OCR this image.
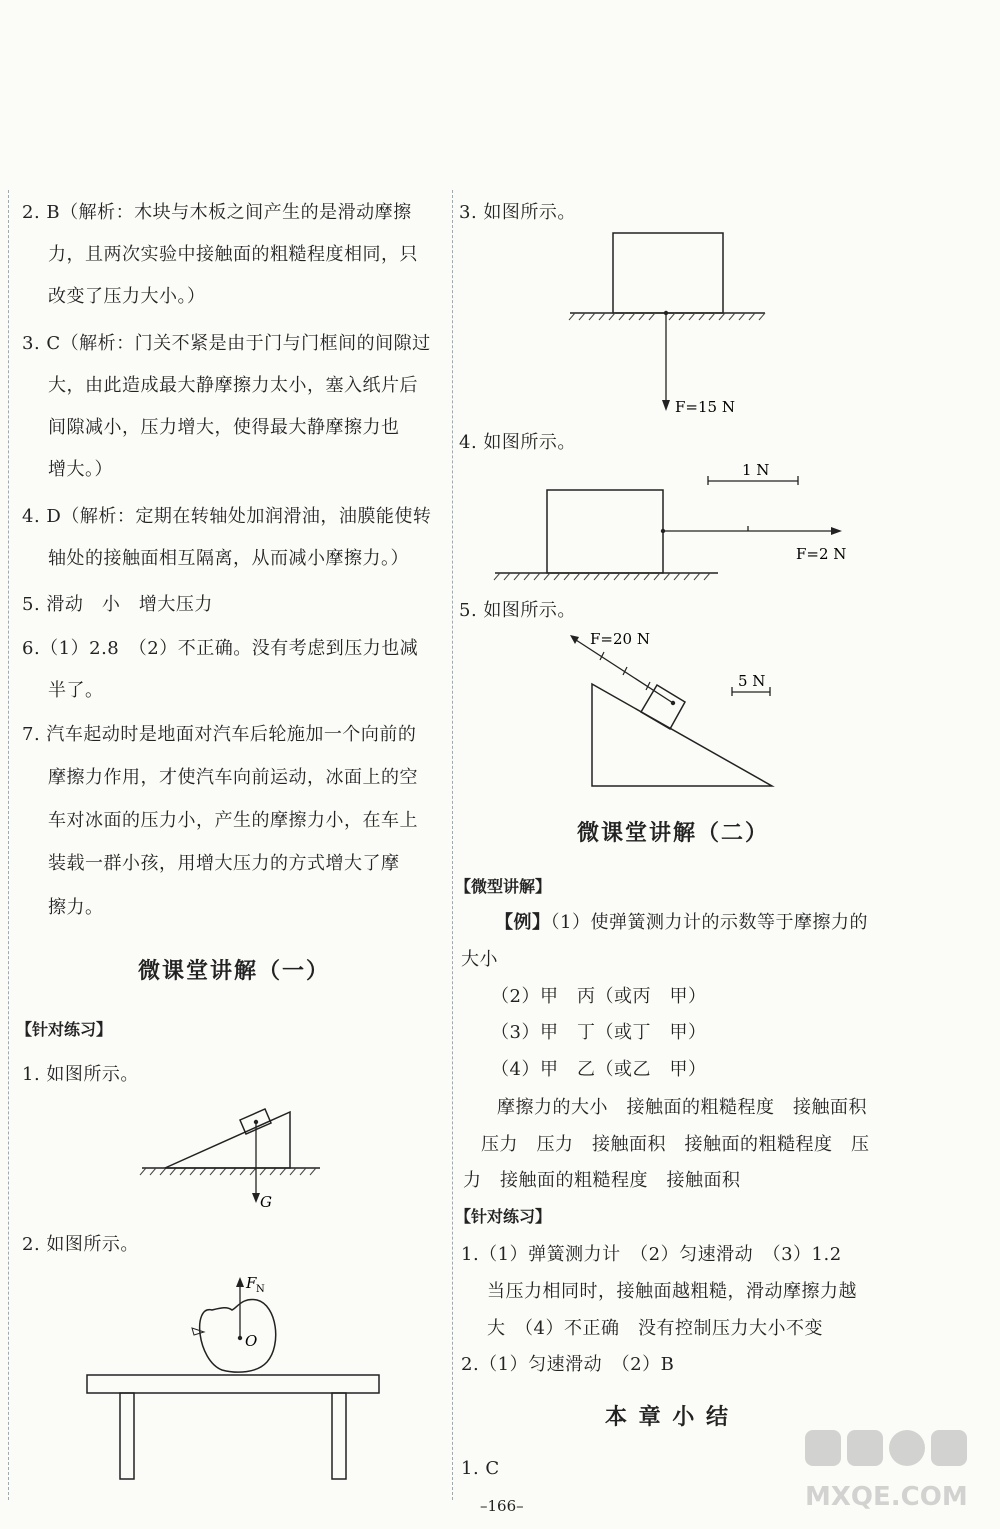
2. B（解析：木块与木板之间产生的是滑动摩擦
力，且两次实验中接触面的粗糙程度相同，只
改变了压力大小。）
3. C（解析：门关不紧是由于门与门框间的间隙过
大，由此造成最大静摩擦力太小，塞入纸片后
间隙减小，压力增大，使得最大静摩擦力也
增大。）
4. D（解析：定期在转轴处加润滑油，油膜能使转
轴处的接触面相互隔离，从而减小摩擦力。）
5. 滑动　小　增大压力
6.（1）2.8　（2）不正确。没有考虑到压力也减
半了。
7. 汽车起动时是地面对汽车后轮施加一个向前的
摩擦力作用，才使汽车向前运动，冰面上的空
车对冰面的压力小，产生的摩擦力小，在车上
装载一群小孩，用增大压力的方式增大了摩
擦力。
微课堂讲解（一）
【针对练习】
1. 如图所示。
G
2. 如图所示。
F N
O
3. 如图所示。
F=15 N
4. 如图所示。
1 N
F=2 N
5. 如图所示。
F=20 N
5 N
微课堂讲解（二）
【微型讲解】
【例】（1）使弹簧测力计的示数等于摩擦力的
大小
（2）甲　丙（或丙　甲）
（3）甲　丁（或丁　甲）
（4）甲　乙（或乙　甲）
摩擦力的大小　接触面的粗糙程度　接触面积
压力　压力　接触面积　接触面的粗糙程度　压
力　接触面的粗糙程度　接触面积
【针对练习】
1.（1）弹簧测力计　（2）匀速滑动　（3）1.2
当压力相同时，接触面越粗糙，滑动摩擦力越
大　（4）不正确　没有控制压力大小不变
2.（1）匀速滑动　（2）B
本 章 小 结
1. C
–166–	MXQE.COM
